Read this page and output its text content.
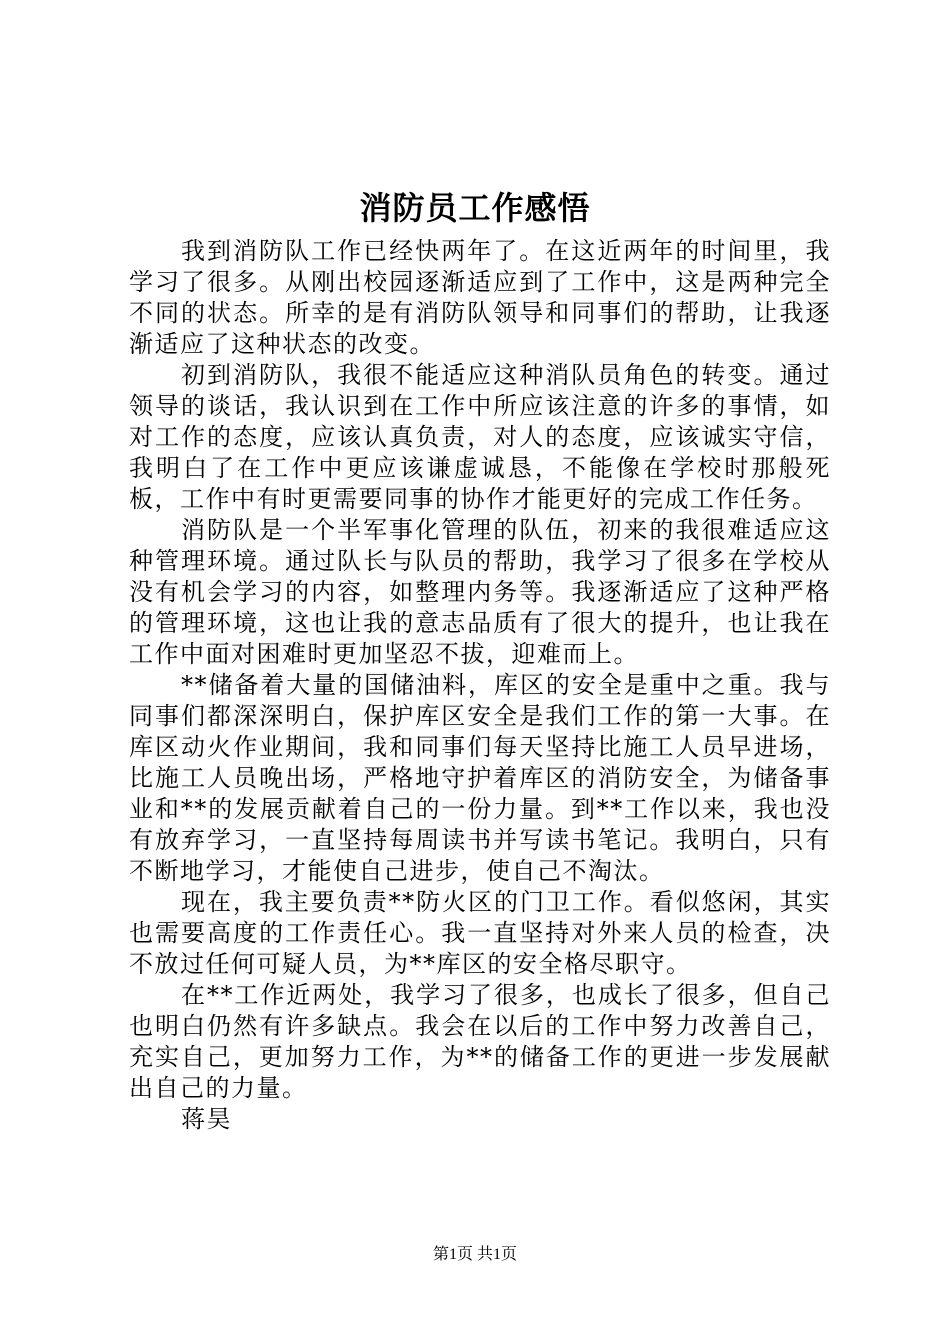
消防员工作感悟

我到消防队工作已经快两年了。在这近两年的时间里，我学习了很多。从刚出校园逐渐适应到了工作中，这是两种完全不同的状态。所幸的是有消防队领导和同事们的帮助，让我逐渐适应了这种状态的改变。

初到消防队，我很不能适应这种消队员角色的转变。通过领导的谈话，我认识到在工作中所应该注意的许多的事情，如对工作的态度，应该认真负责，对人的态度，应该诚实守信，我明白了在工作中更应该谦虚诚恳，不能像在学校时那般死板，工作中有时更需要同事的协作才能更好的完成工作任务。

消防队是一个半军事化管理的队伍，初来的我很难适应这种管理环境。通过队长与队员的帮助，我学习了很多在学校从没有机会学习的内容，如整理内务等。我逐渐适应了这种严格的管理环境，这也让我的意志品质有了很大的提升，也让我在工作中面对困难时更加坚忍不拔，迎难而上。

**储备着大量的国储油料，库区的安全是重中之重。我与同事们都深深明白，保护库区安全是我们工作的第一大事。在库区动火作业期间，我和同事们每天坚持比施工人员早进场，比施工人员晚出场，严格地守护着库区的消防安全，为储备事业和**的发展贡献着自己的一份力量。到**工作以来，我也没有放弃学习，一直坚持每周读书并写读书笔记。我明白，只有不断地学习，才能使自己进步，使自己不淘汰。

现在，我主要负责**防火区的门卫工作。看似悠闲，其实也需要高度的工作责任心。我一直坚持对外来人员的检查，决不放过任何可疑人员，为**库区的安全格尽职守。

在**工作近两处，我学习了很多，也成长了很多，但自己也明白仍然有许多缺点。我会在以后的工作中努力改善自己，充实自己，更加努力工作，为**的储备工作的更进一步发展献出自己的力量。

蒋昊
第1页 共1页
